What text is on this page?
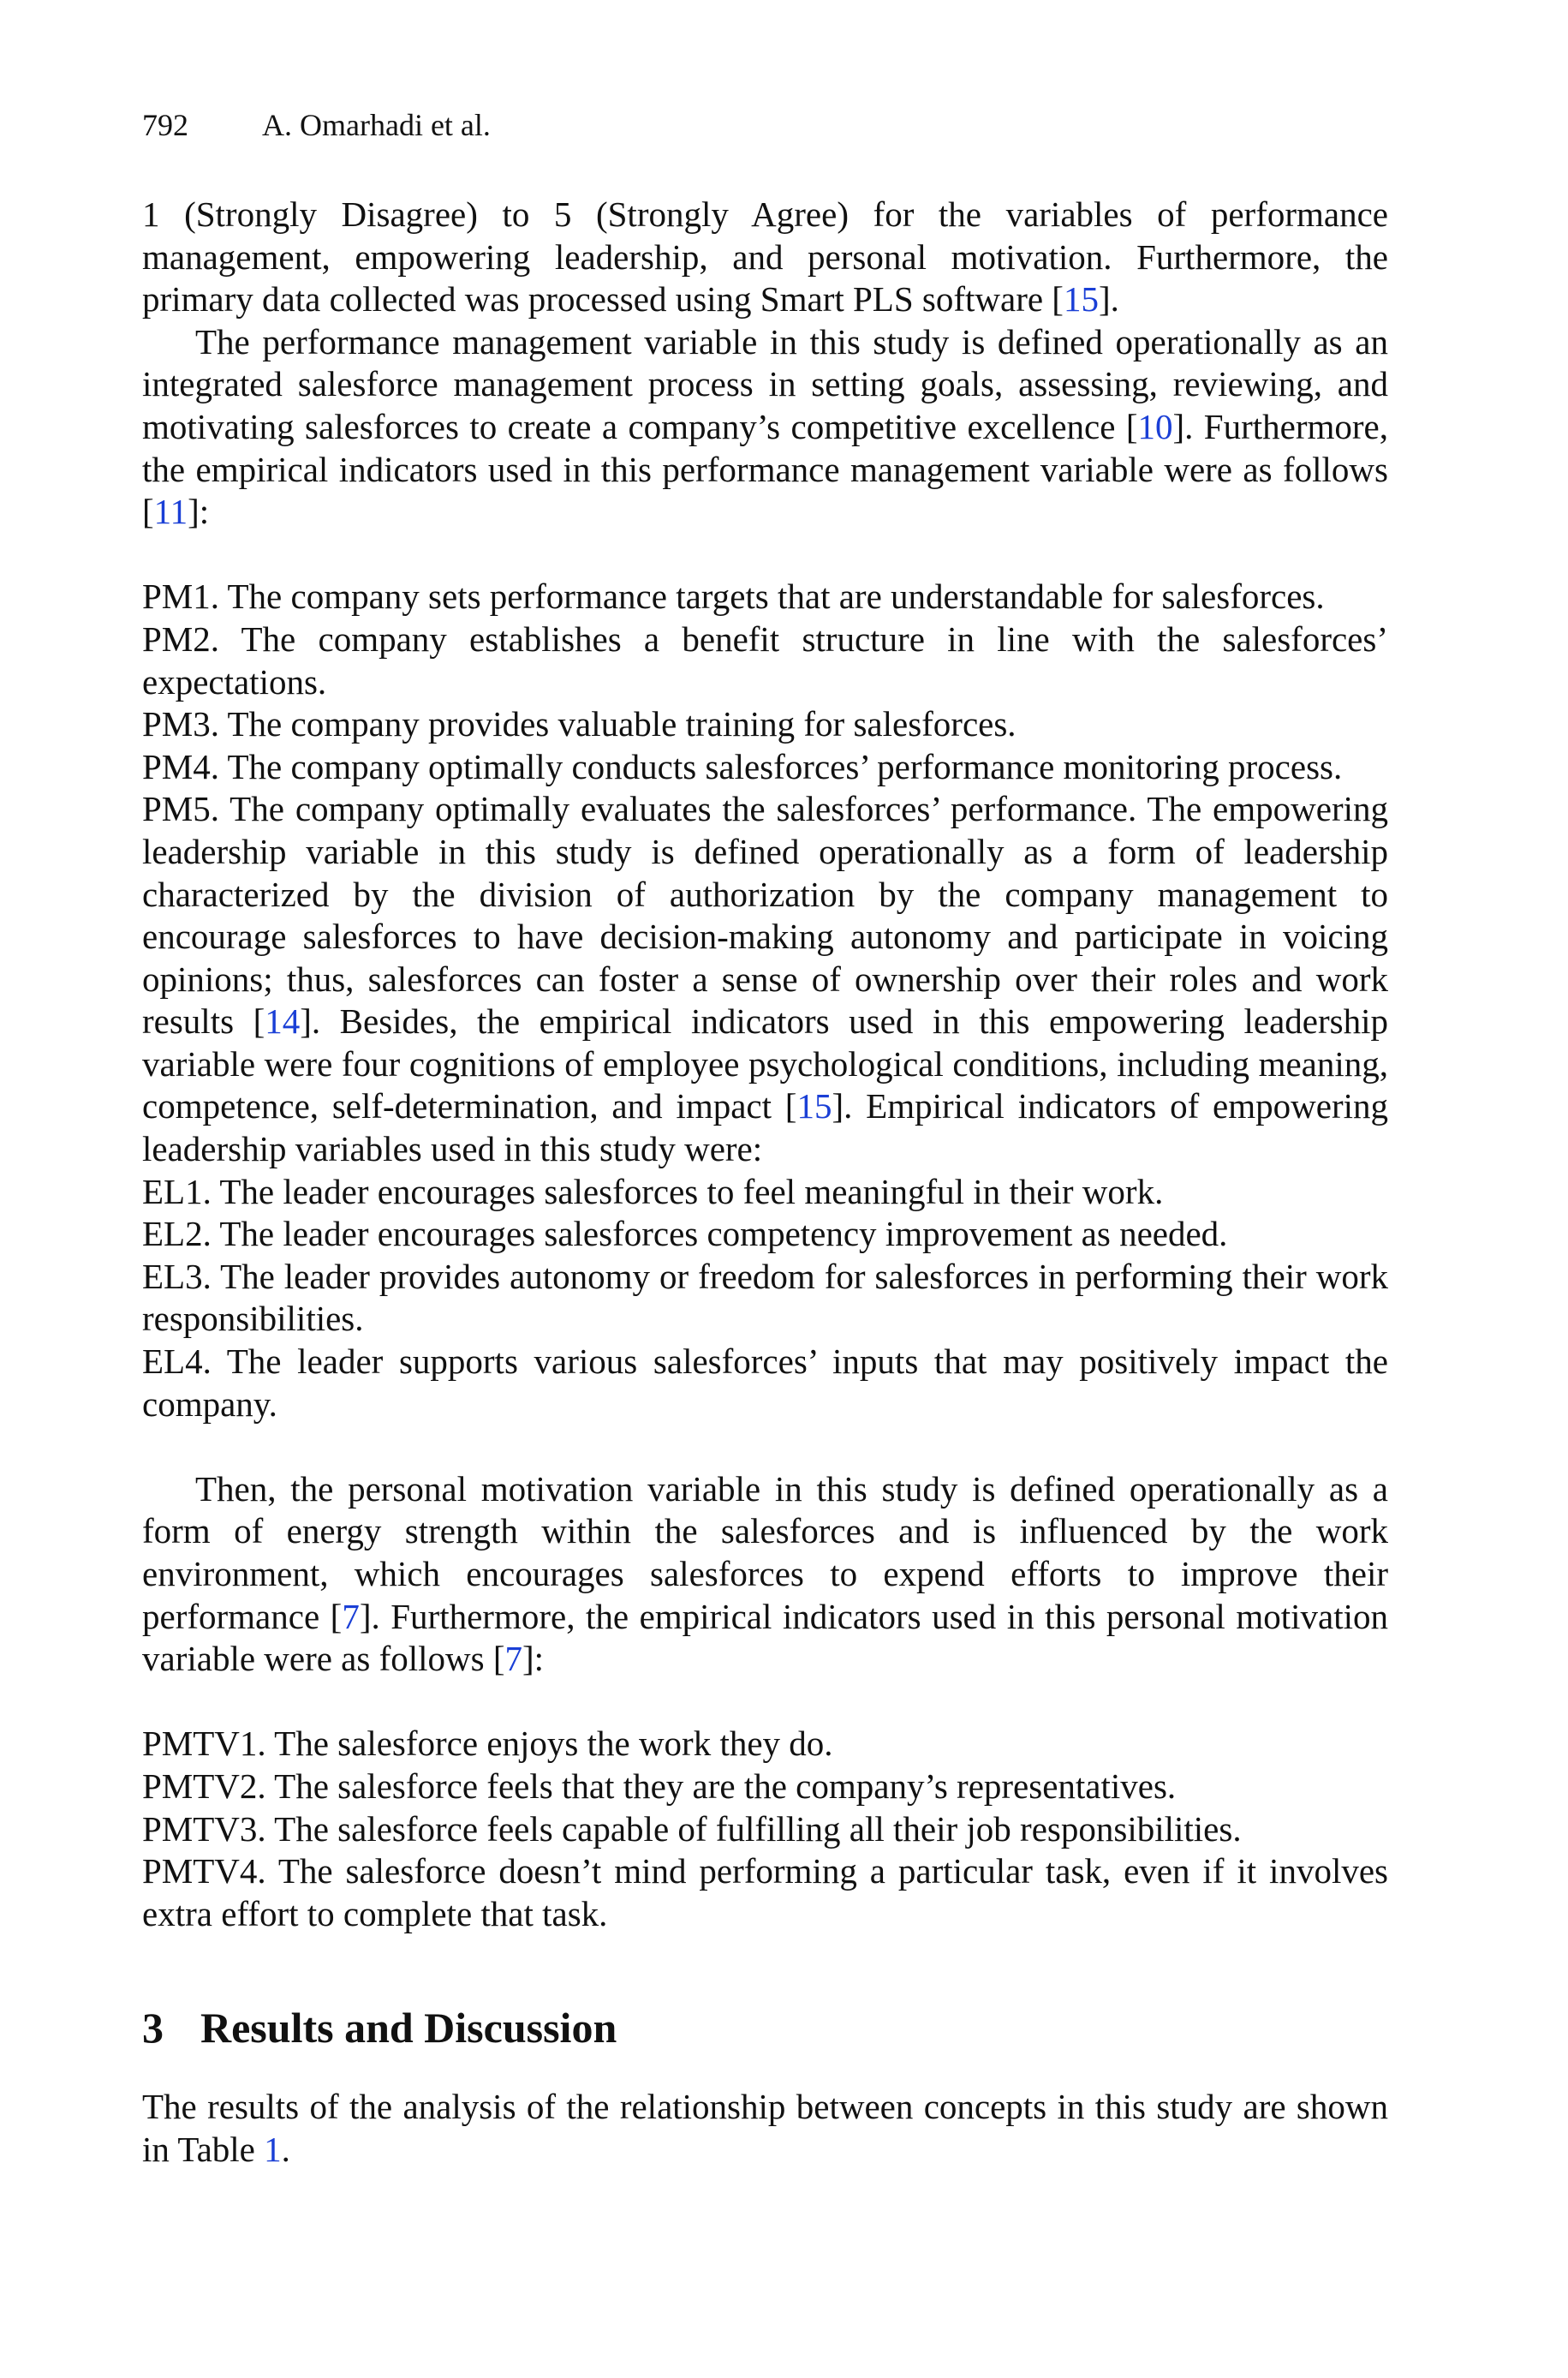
792 A. Omarhadi et al.

1 (Strongly Disagree) to 5 (Strongly Agree) for the variables of performance management, empowering leadership, and personal motivation. Furthermore, the primary data collected was processed using Smart PLS software [15].

The performance management variable in this study is defined operationally as an integrated salesforce management process in setting goals, assessing, reviewing, and motivating salesforces to create a company’s competitive excellence [10]. Furthermore, the empirical indicators used in this performance management variable were as follows [11]:

PM1. The company sets performance targets that are understandable for salesforces.

PM2. The company establishes a benefit structure in line with the salesforces’ expectations.

PM3. The company provides valuable training for salesforces.

PM4. The company optimally conducts salesforces’ performance monitoring process.

PM5. The company optimally evaluates the salesforces’ performance. The empowering leadership variable in this study is defined operationally as a form of leadership characterized by the division of authorization by the company management to encourage salesforces to have decision-making autonomy and participate in voicing opinions; thus, salesforces can foster a sense of ownership over their roles and work results [14]. Besides, the empirical indicators used in this empowering leadership variable were four cognitions of employee psychological conditions, including meaning, competence, self-determination, and impact [15]. Empirical indicators of empowering leadership variables used in this study were:

EL1. The leader encourages salesforces to feel meaningful in their work.

EL2. The leader encourages salesforces competency improvement as needed.

EL3. The leader provides autonomy or freedom for salesforces in performing their work responsibilities.

EL4. The leader supports various salesforces’ inputs that may positively impact the company.

Then, the personal motivation variable in this study is defined operationally as a form of energy strength within the salesforces and is influenced by the work environment, which encourages salesforces to expend efforts to improve their performance [7]. Furthermore, the empirical indicators used in this personal motivation variable were as follows [7]:

PMTV1. The salesforce enjoys the work they do.

PMTV2. The salesforce feels that they are the company’s representatives.

PMTV3. The salesforce feels capable of fulfilling all their job responsibilities.

PMTV4. The salesforce doesn’t mind performing a particular task, even if it involves extra effort to complete that task.

3 Results and Discussion

The results of the analysis of the relationship between concepts in this study are shown in Table 1.
